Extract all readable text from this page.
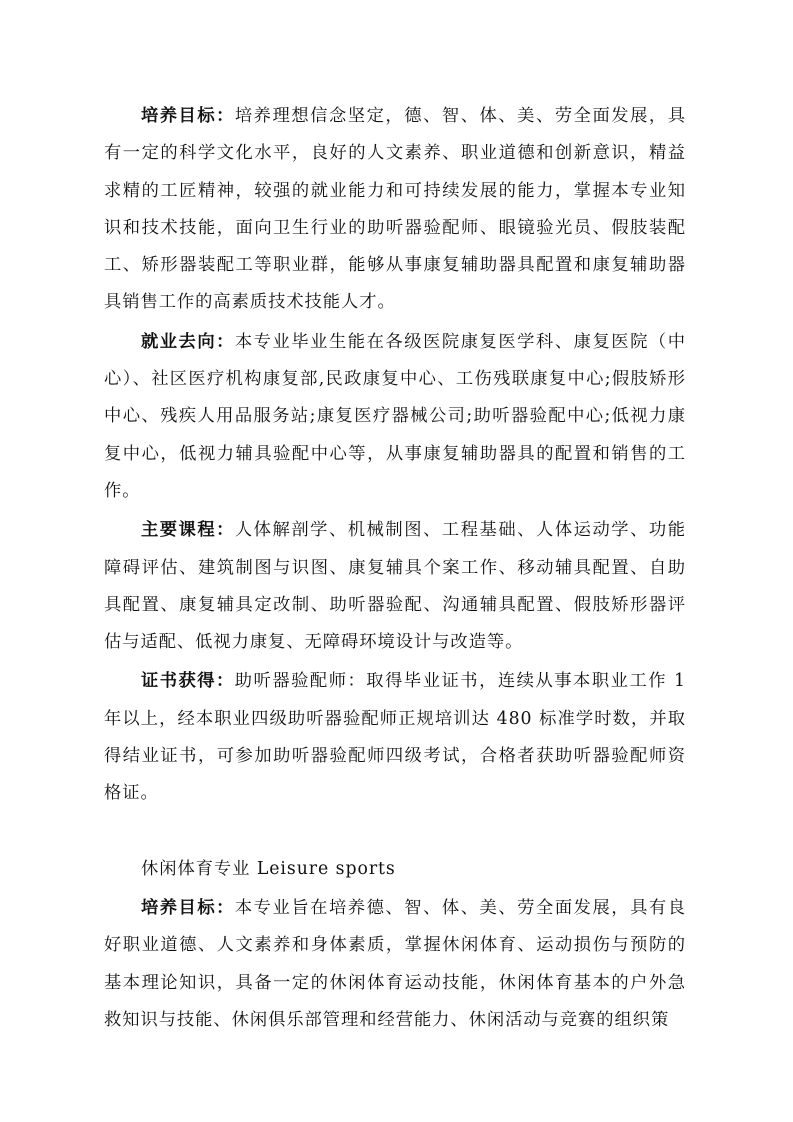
培养目标：培养理想信念坚定，德、智、体、美、劳全面发展，具有一定的科学文化水平，良好的人文素养、职业道德和创新意识，精益求精的工匠精神，较强的就业能力和可持续发展的能力，掌握本专业知识和技术技能，面向卫生行业的助听器验配师、眼镜验光员、假肢装配工、矫形器装配工等职业群，能够从事康复辅助器具配置和康复辅助器具销售工作的高素质技术技能人才。

就业去向：本专业毕业生能在各级医院康复医学科、康复医院（中心）、社区医疗机构康复部,民政康复中心、工伤残联康复中心;假肢矫形中心、残疾人用品服务站;康复医疗器械公司;助听器验配中心;低视力康复中心，低视力辅具验配中心等，从事康复辅助器具的配置和销售的工作。

主要课程：人体解剖学、机械制图、工程基础、人体运动学、功能障碍评估、建筑制图与识图、康复辅具个案工作、移动辅具配置、自助具配置、康复辅具定改制、助听器验配、沟通辅具配置、假肢矫形器评估与适配、低视力康复、无障碍环境设计与改造等。

证书获得：助听器验配师：取得毕业证书，连续从事本职业工作 1 年以上，经本职业四级助听器验配师正规培训达 480 标准学时数，并取得结业证书，可参加助听器验配师四级考试，合格者获助听器验配师资格证。

休闲体育专业 Leisure sports

培养目标：本专业旨在培养德、智、体、美、劳全面发展，具有良好职业道德、人文素养和身体素质，掌握休闲体育、运动损伤与预防的基本理论知识，具备一定的休闲体育运动技能，休闲体育基本的户外急救知识与技能、休闲俱乐部管理和经营能力、休闲活动与竞赛的组织策
